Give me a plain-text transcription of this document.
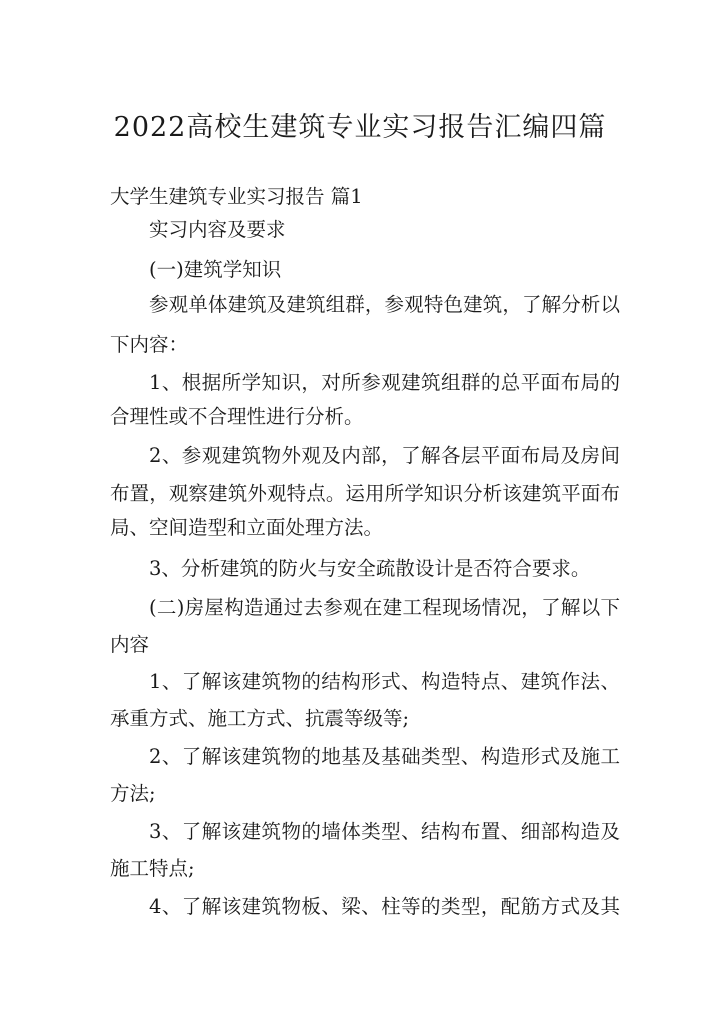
2022高校生建筑专业实习报告汇编四篇
大学生建筑专业实习报告 篇1
实习内容及要求
(一)建筑学知识
参观单体建筑及建筑组群，参观特色建筑，了解分析以
下内容：
1、根据所学知识，对所参观建筑组群的总平面布局的
合理性或不合理性进行分析。
2、参观建筑物外观及内部，了解各层平面布局及房间
布置，观察建筑外观特点。运用所学知识分析该建筑平面布
局、空间造型和立面处理方法。
3、分析建筑的防火与安全疏散设计是否符合要求。
(二)房屋构造通过去参观在建工程现场情况，了解以下
内容
1、了解该建筑物的结构形式、构造特点、建筑作法、
承重方式、施工方式、抗震等级等;
2、了解该建筑物的地基及基础类型、构造形式及施工
方法;
3、了解该建筑物的墙体类型、结构布置、细部构造及
施工特点;
4、了解该建筑物板、梁、柱等的类型，配筋方式及其
